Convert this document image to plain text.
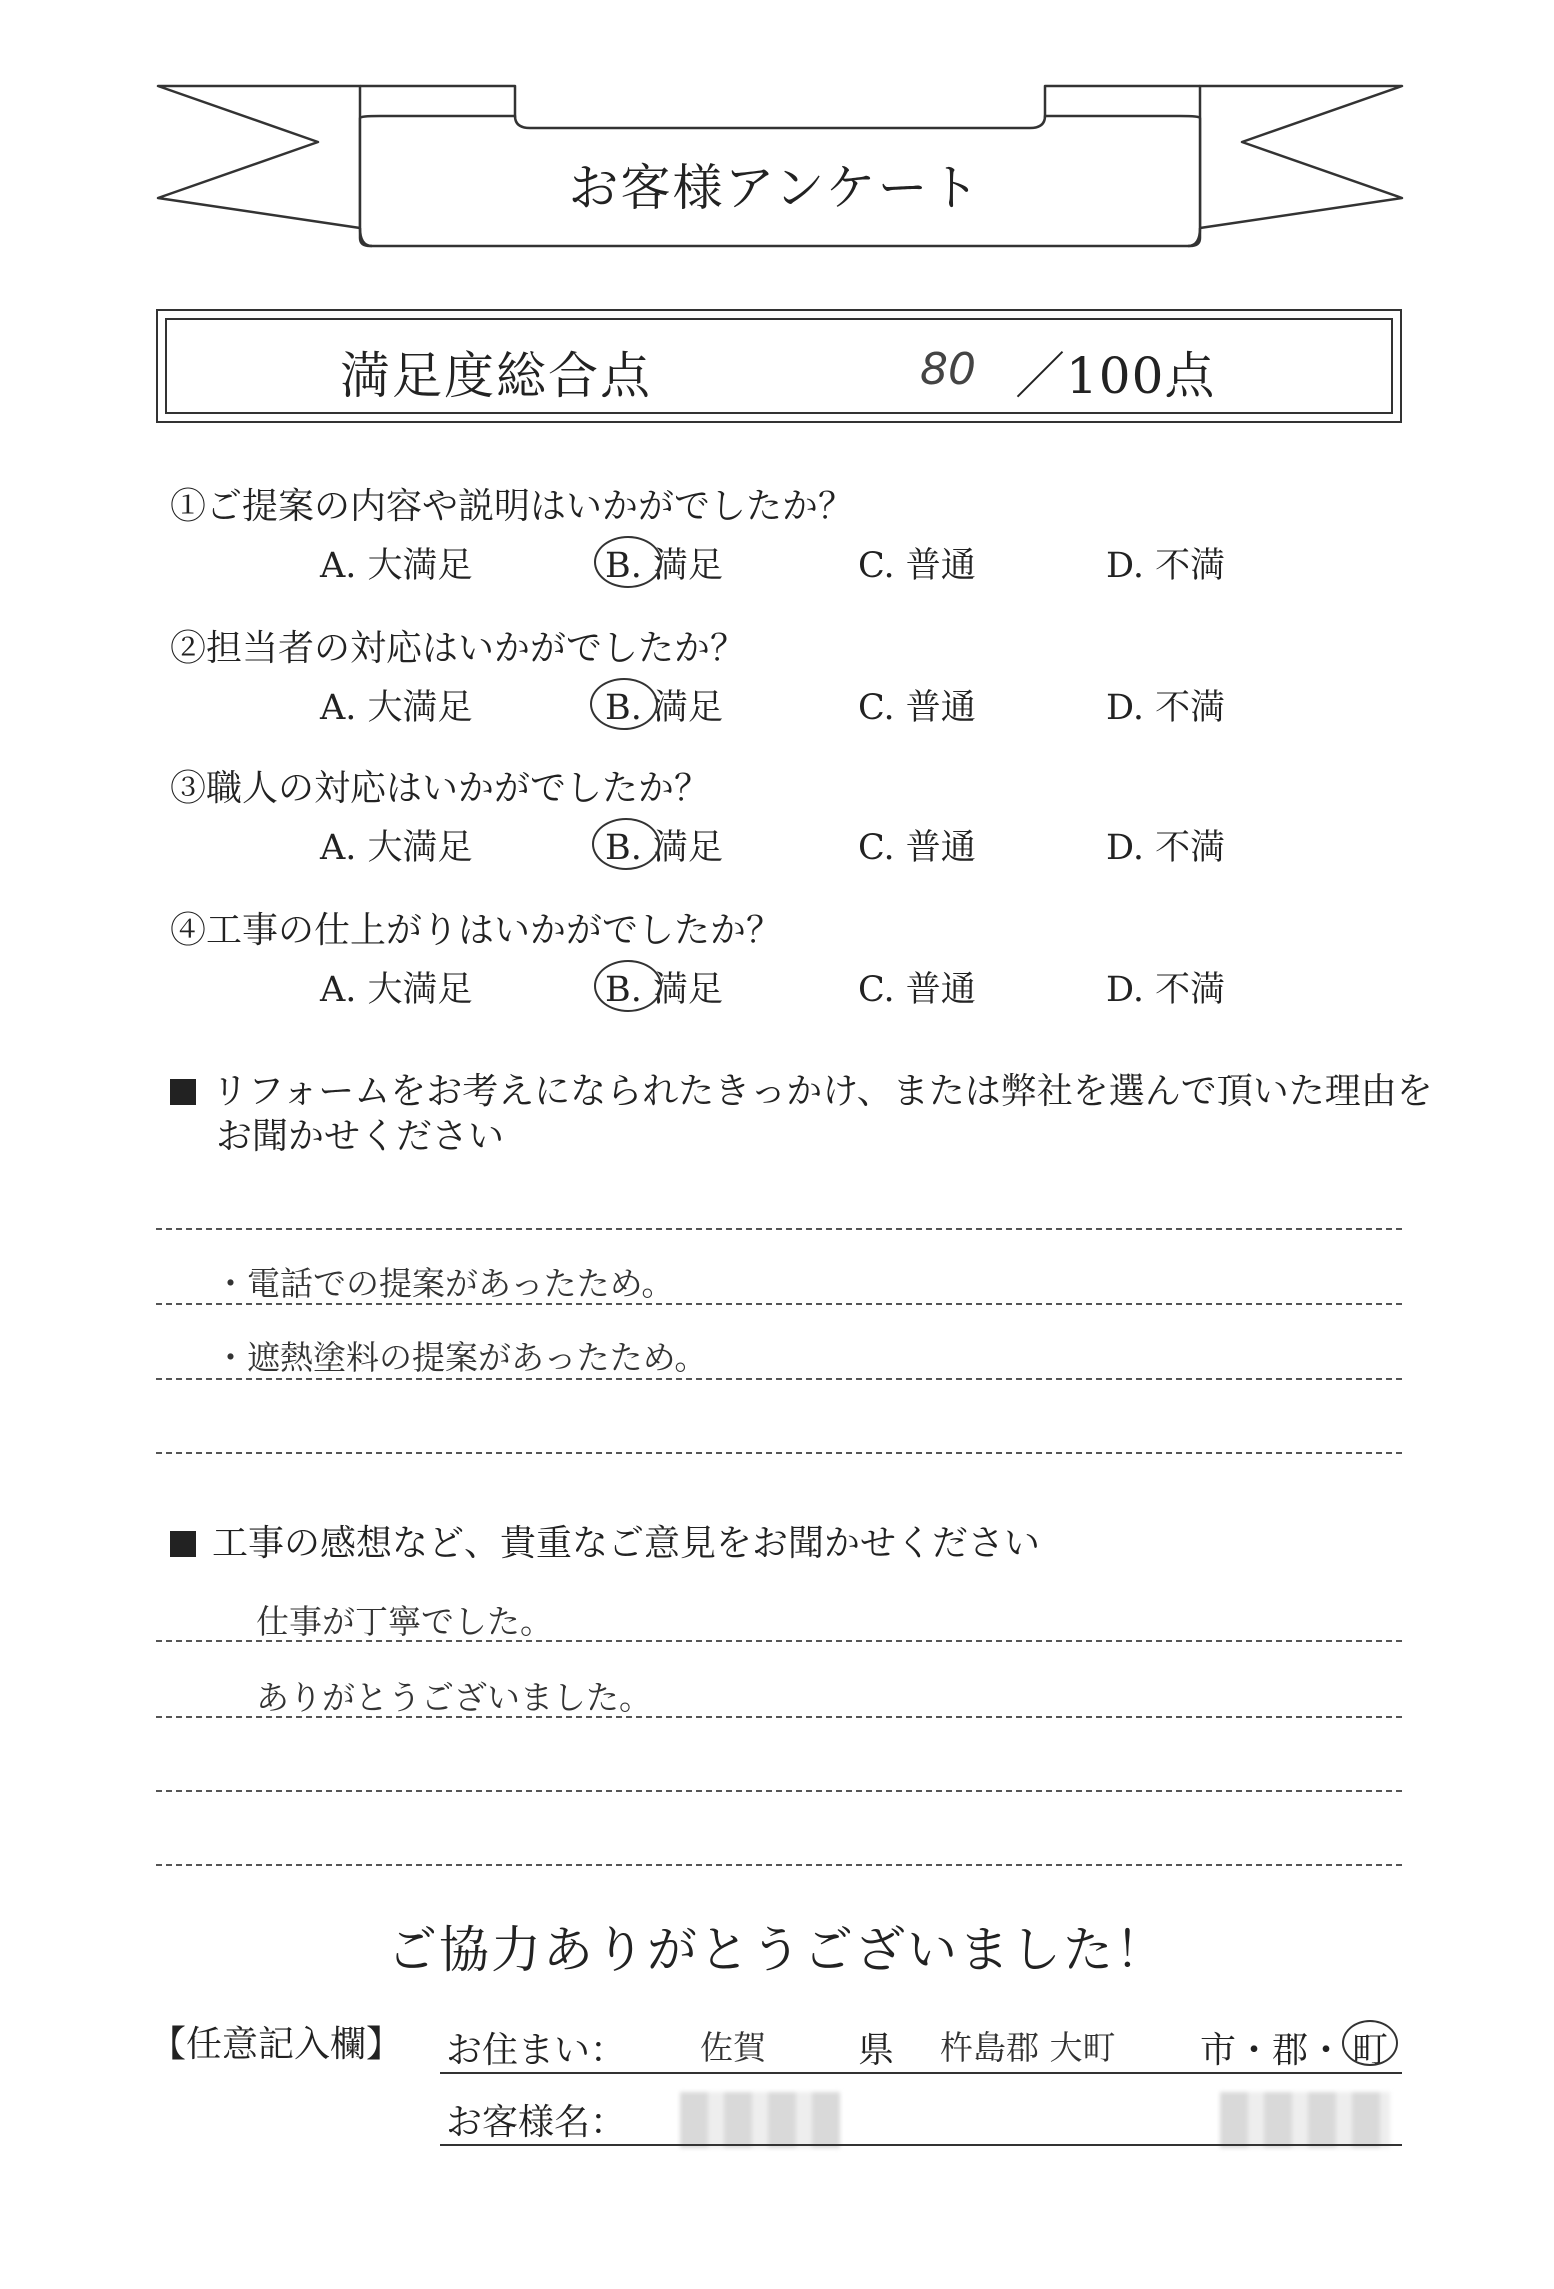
お客様アンケート
満足度総合点	80 ／100点
①ご提案の内容や説明はいかがでしたか？
A. 大満足	B. 満足	C. 普通	D. 不満
②担当者の対応はいかがでしたか？
A. 大満足	B. 満足	C. 普通	D. 不満
③職人の対応はいかがでしたか？
A. 大満足	B. 満足	C. 普通	D. 不満
④工事の仕上がりはいかがでしたか？
A. 大満足	B. 満足	C. 普通	D. 不満
リフォームをお考えになられたきっかけ、または弊社を選んで頂いた理由を
お聞かせください
・電話での提案があったため。
・遮熱塗料の提案があったため。
工事の感想など、貴重なご意見をお聞かせください
仕事が丁寧でした。
ありがとうございました。
ご協力ありがとうございました！
【任意記入欄】 お住まい： 佐賀	県 杵島郡 大町 市・郡・ 町
お客様名：
